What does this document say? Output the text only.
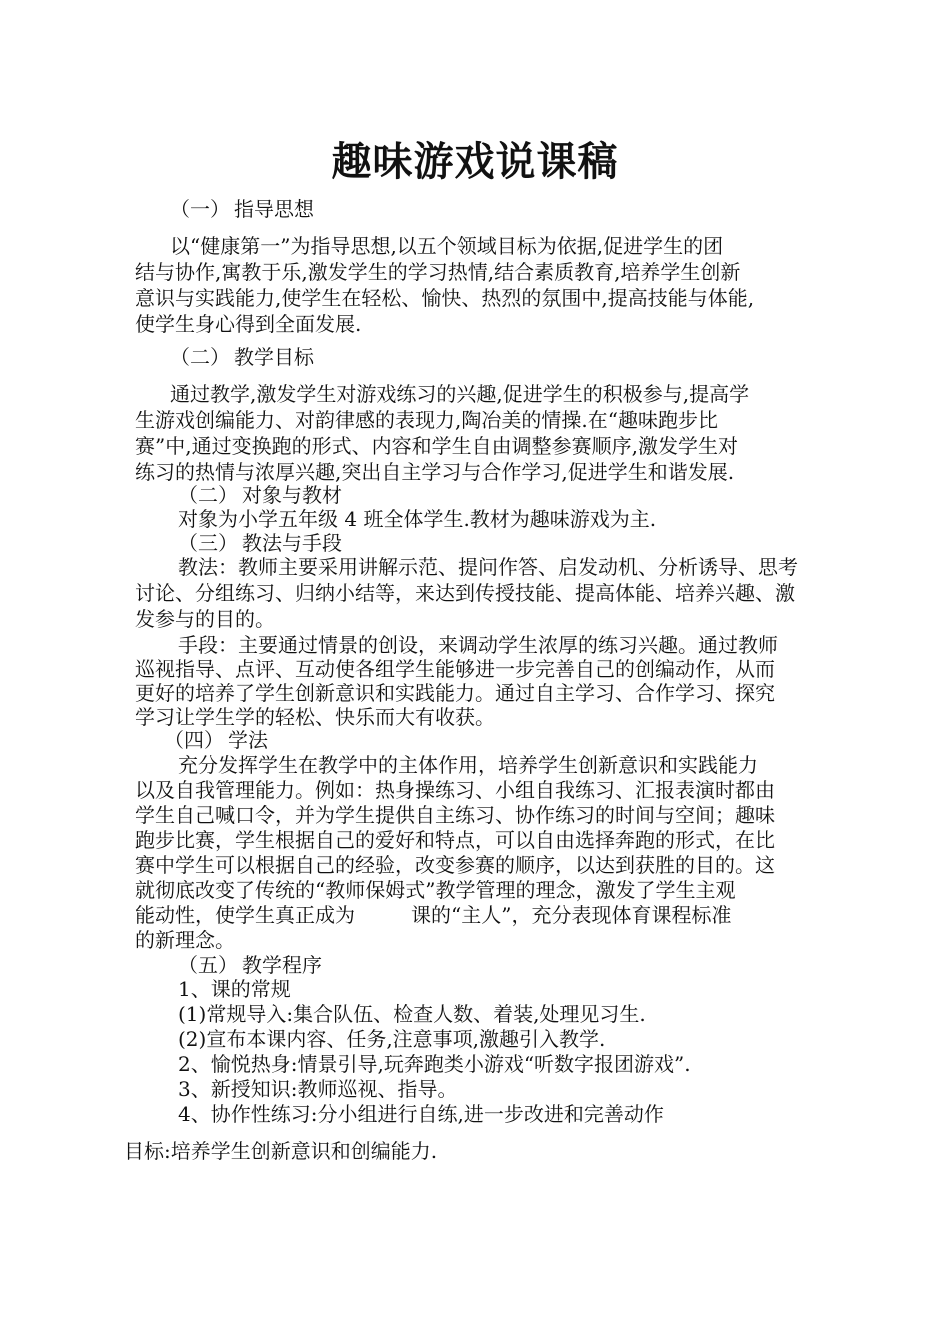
趣味游戏说课稿
（一） 指导思想
以“健康第一”为指导思想,以五个领域目标为依据,促进学生的团
结与协作,寓教于乐,激发学生的学习热情,结合素质教育,培养学生创新
意识与实践能力,使学生在轻松、愉快、热烈的氛围中,提高技能与体能,
使学生身心得到全面发展.
（二） 教学目标
通过教学,激发学生对游戏练习的兴趣,促进学生的积极参与,提高学
生游戏创编能力、对韵律感的表现力,陶冶美的情操.在“趣味跑步比
赛”中,通过变换跑的形式、内容和学生自由调整参赛顺序,激发学生对
练习的热情与浓厚兴趣,突出自主学习与合作学习,促进学生和谐发展.
（二） 对象与教材
对象为小学五年级 4 班全体学生.教材为趣味游戏为主.
（三） 教法与手段
教法：教师主要采用讲解示范、提问作答、启发动机、分析诱导、思考
讨论、分组练习、归纳小结等，来达到传授技能、提高体能、培养兴趣、激
发参与的目的。
手段：主要通过情景的创设，来调动学生浓厚的练习兴趣。通过教师
巡视指导、点评、互动使各组学生能够进一步完善自己的创编动作，从而
更好的培养了学生创新意识和实践能力。通过自主学习、合作学习、探究
学习让学生学的轻松、快乐而大有收获。
（四） 学法
充分发挥学生在教学中的主体作用，培养学生创新意识和实践能力
以及自我管理能力。例如：热身操练习、小组自我练习、汇报表演时都由
学生自己喊口令，并为学生提供自主练习、协作练习的时间与空间；趣味
跑步比赛，学生根据自己的爱好和特点，可以自由选择奔跑的形式，在比
赛中学生可以根据自己的经验，改变参赛的顺序，以达到获胜的目的。这
就彻底改变了传统的“教师保姆式”教学管理的理念，激发了学生主观
能动性，使学生真正成为	课的“主人”，充分表现体育课程标准
的新理念。
（五） 教学程序
1、课的常规
(1)常规导入:集合队伍、检查人数、着装,处理见习生.
(2)宣布本课内容、任务,注意事项,激趣引入教学.
2、愉悦热身:情景引导,玩奔跑类小游戏“听数字报团游戏”.
3、新授知识:教师巡视、指导。
4、协作性练习:分小组进行自练,进一步改进和完善动作
目标:培养学生创新意识和创编能力.
